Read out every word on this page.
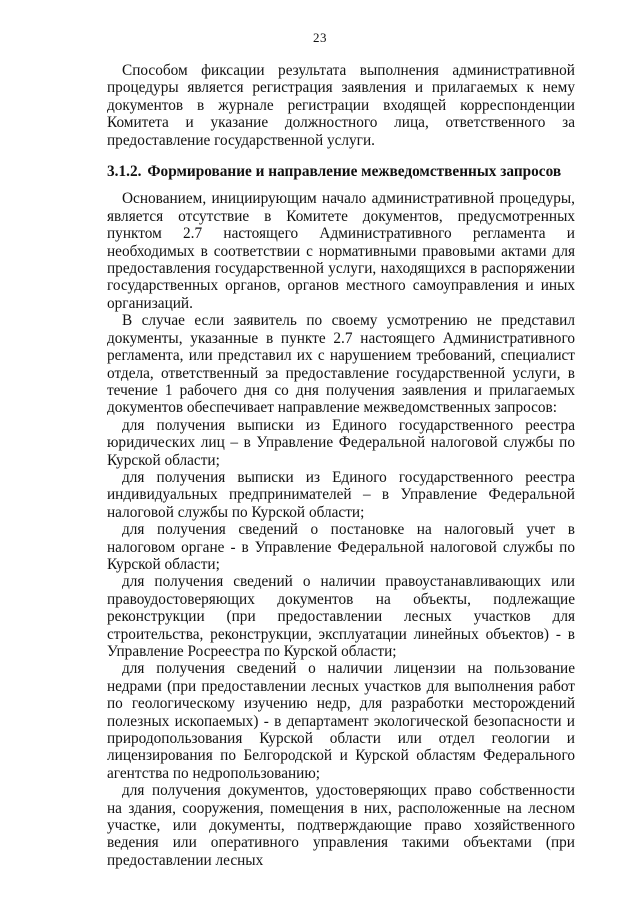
23

Способом фиксации результата выполнения административной процедуры является регистрация заявления и прилагаемых к нему документов в журнале регистрации входящей корреспонденции Комитета и указание должностного лица, ответственного за предоставление государственной услуги.

3.1.2. Формирование и направление межведомственных запросов

Основанием, инициирующим начало административной процедуры, является отсутствие в Комитете документов, предусмотренных пунктом 2.7 настоящего Административного регламента и необходимых в соответствии с нормативными правовыми актами для предоставления государственной услуги, находящихся в распоряжении государственных органов, органов местного самоуправления и иных организаций.

В случае если заявитель по своему усмотрению не представил документы, указанные в пункте 2.7 настоящего Административного регламента, или представил их с нарушением требований, специалист отдела, ответственный за предоставление государственной услуги, в течение 1 рабочего дня со дня получения заявления и прилагаемых документов обеспечивает направление межведомственных запросов:

для получения выписки из Единого государственного реестра юридических лиц – в Управление Федеральной налоговой службы по Курской области;

для получения выписки из Единого государственного реестра индивидуальных предпринимателей – в Управление Федеральной налоговой службы по Курской области;

для получения сведений о постановке на налоговый учет в налоговом органе - в Управление Федеральной налоговой службы по Курской области;

для получения сведений о наличии правоустанавливающих или правоудостоверяющих документов на объекты, подлежащие реконструкции (при предоставлении лесных участков для строительства, реконструкции, эксплуатации линейных объектов) - в Управление Росреестра по Курской области;

для получения сведений о наличии лицензии на пользование недрами (при предоставлении лесных участков для выполнения работ по геологическому изучению недр, для разработки месторождений полезных ископаемых) - в департамент экологической безопасности и природопользования Курской области или отдел геологии и лицензирования по Белгородской и Курской областям Федерального агентства по недропользованию;

для получения документов, удостоверяющих право собственности на здания, сооружения, помещения в них, расположенные на лесном участке, или документы, подтверждающие право хозяйственного ведения или оперативного управления такими объектами (при предоставлении лесных
